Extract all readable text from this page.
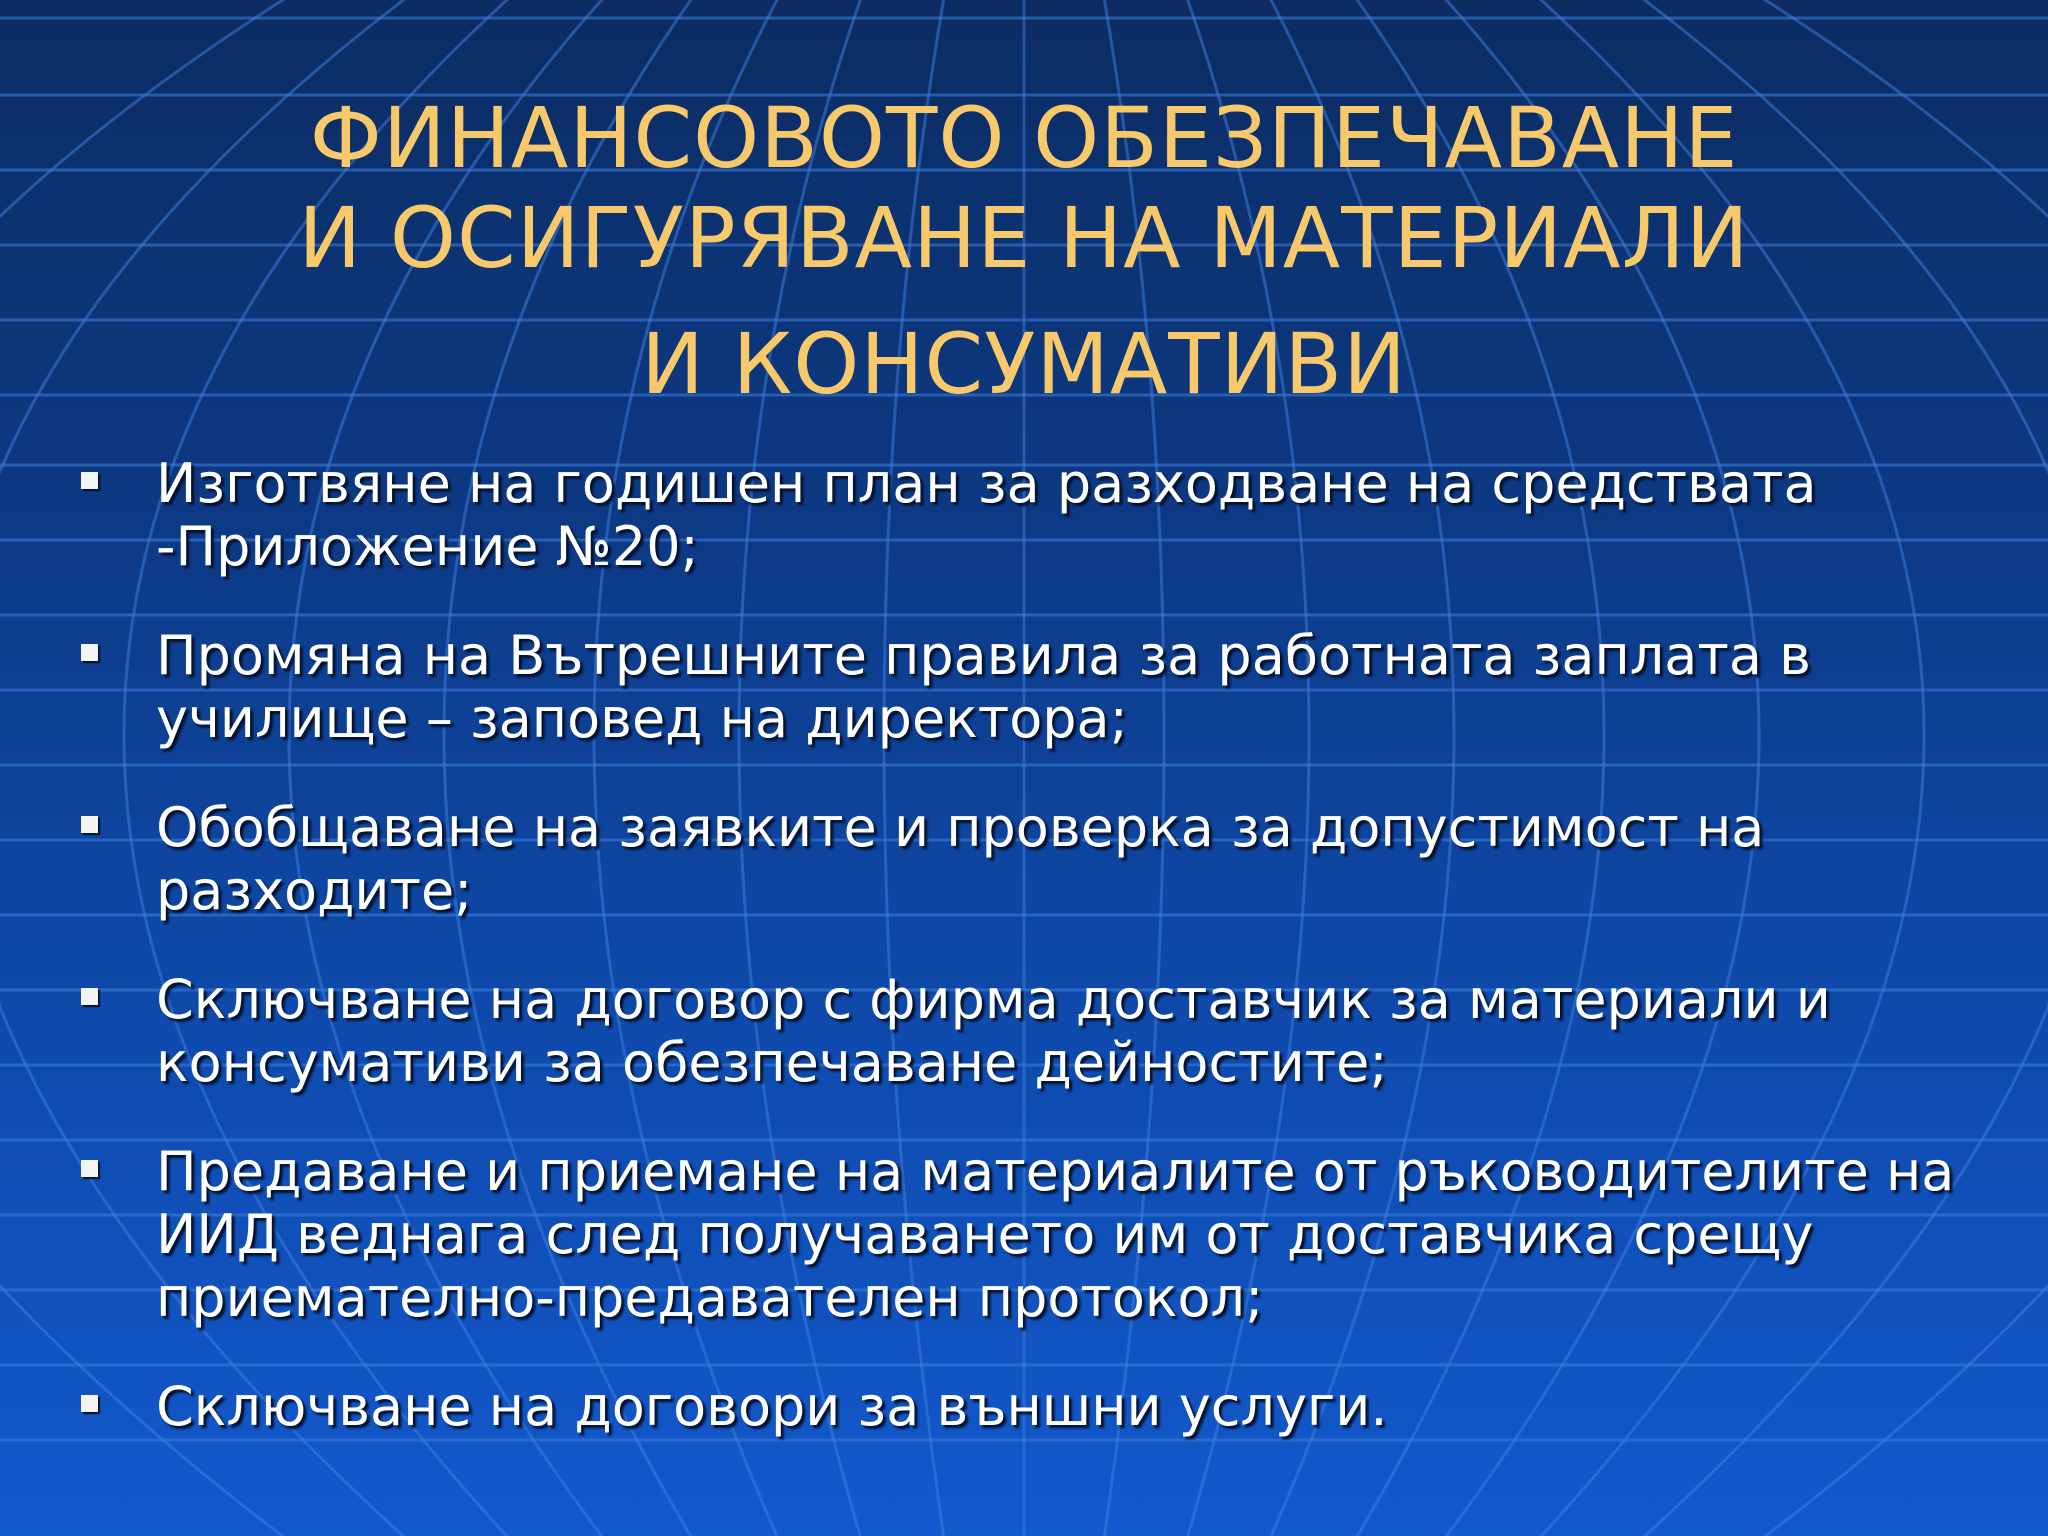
ФИНАНСОВОТО ОБЕЗПЕЧАВАНЕ
И ОСИГУРЯВАНЕ НА МАТЕРИАЛИ
И КОНСУМАТИВИ
Изготвяне на годишен план за разходване на средствата
-Приложение №20;
Промяна на Вътрешните правила за работната заплата в
училище – заповед на директора;
Обобщаване на заявките и проверка за допустимост на
разходите;
Сключване на договор с фирма доставчик за материали и
консумативи за обезпечаване дейностите;
Предаване и приемане на материалите от ръководителите на
ИИД веднага след получаването им от доставчика срещу
приемателно-предавателен протокол;
Сключване на договори за външни услуги.
